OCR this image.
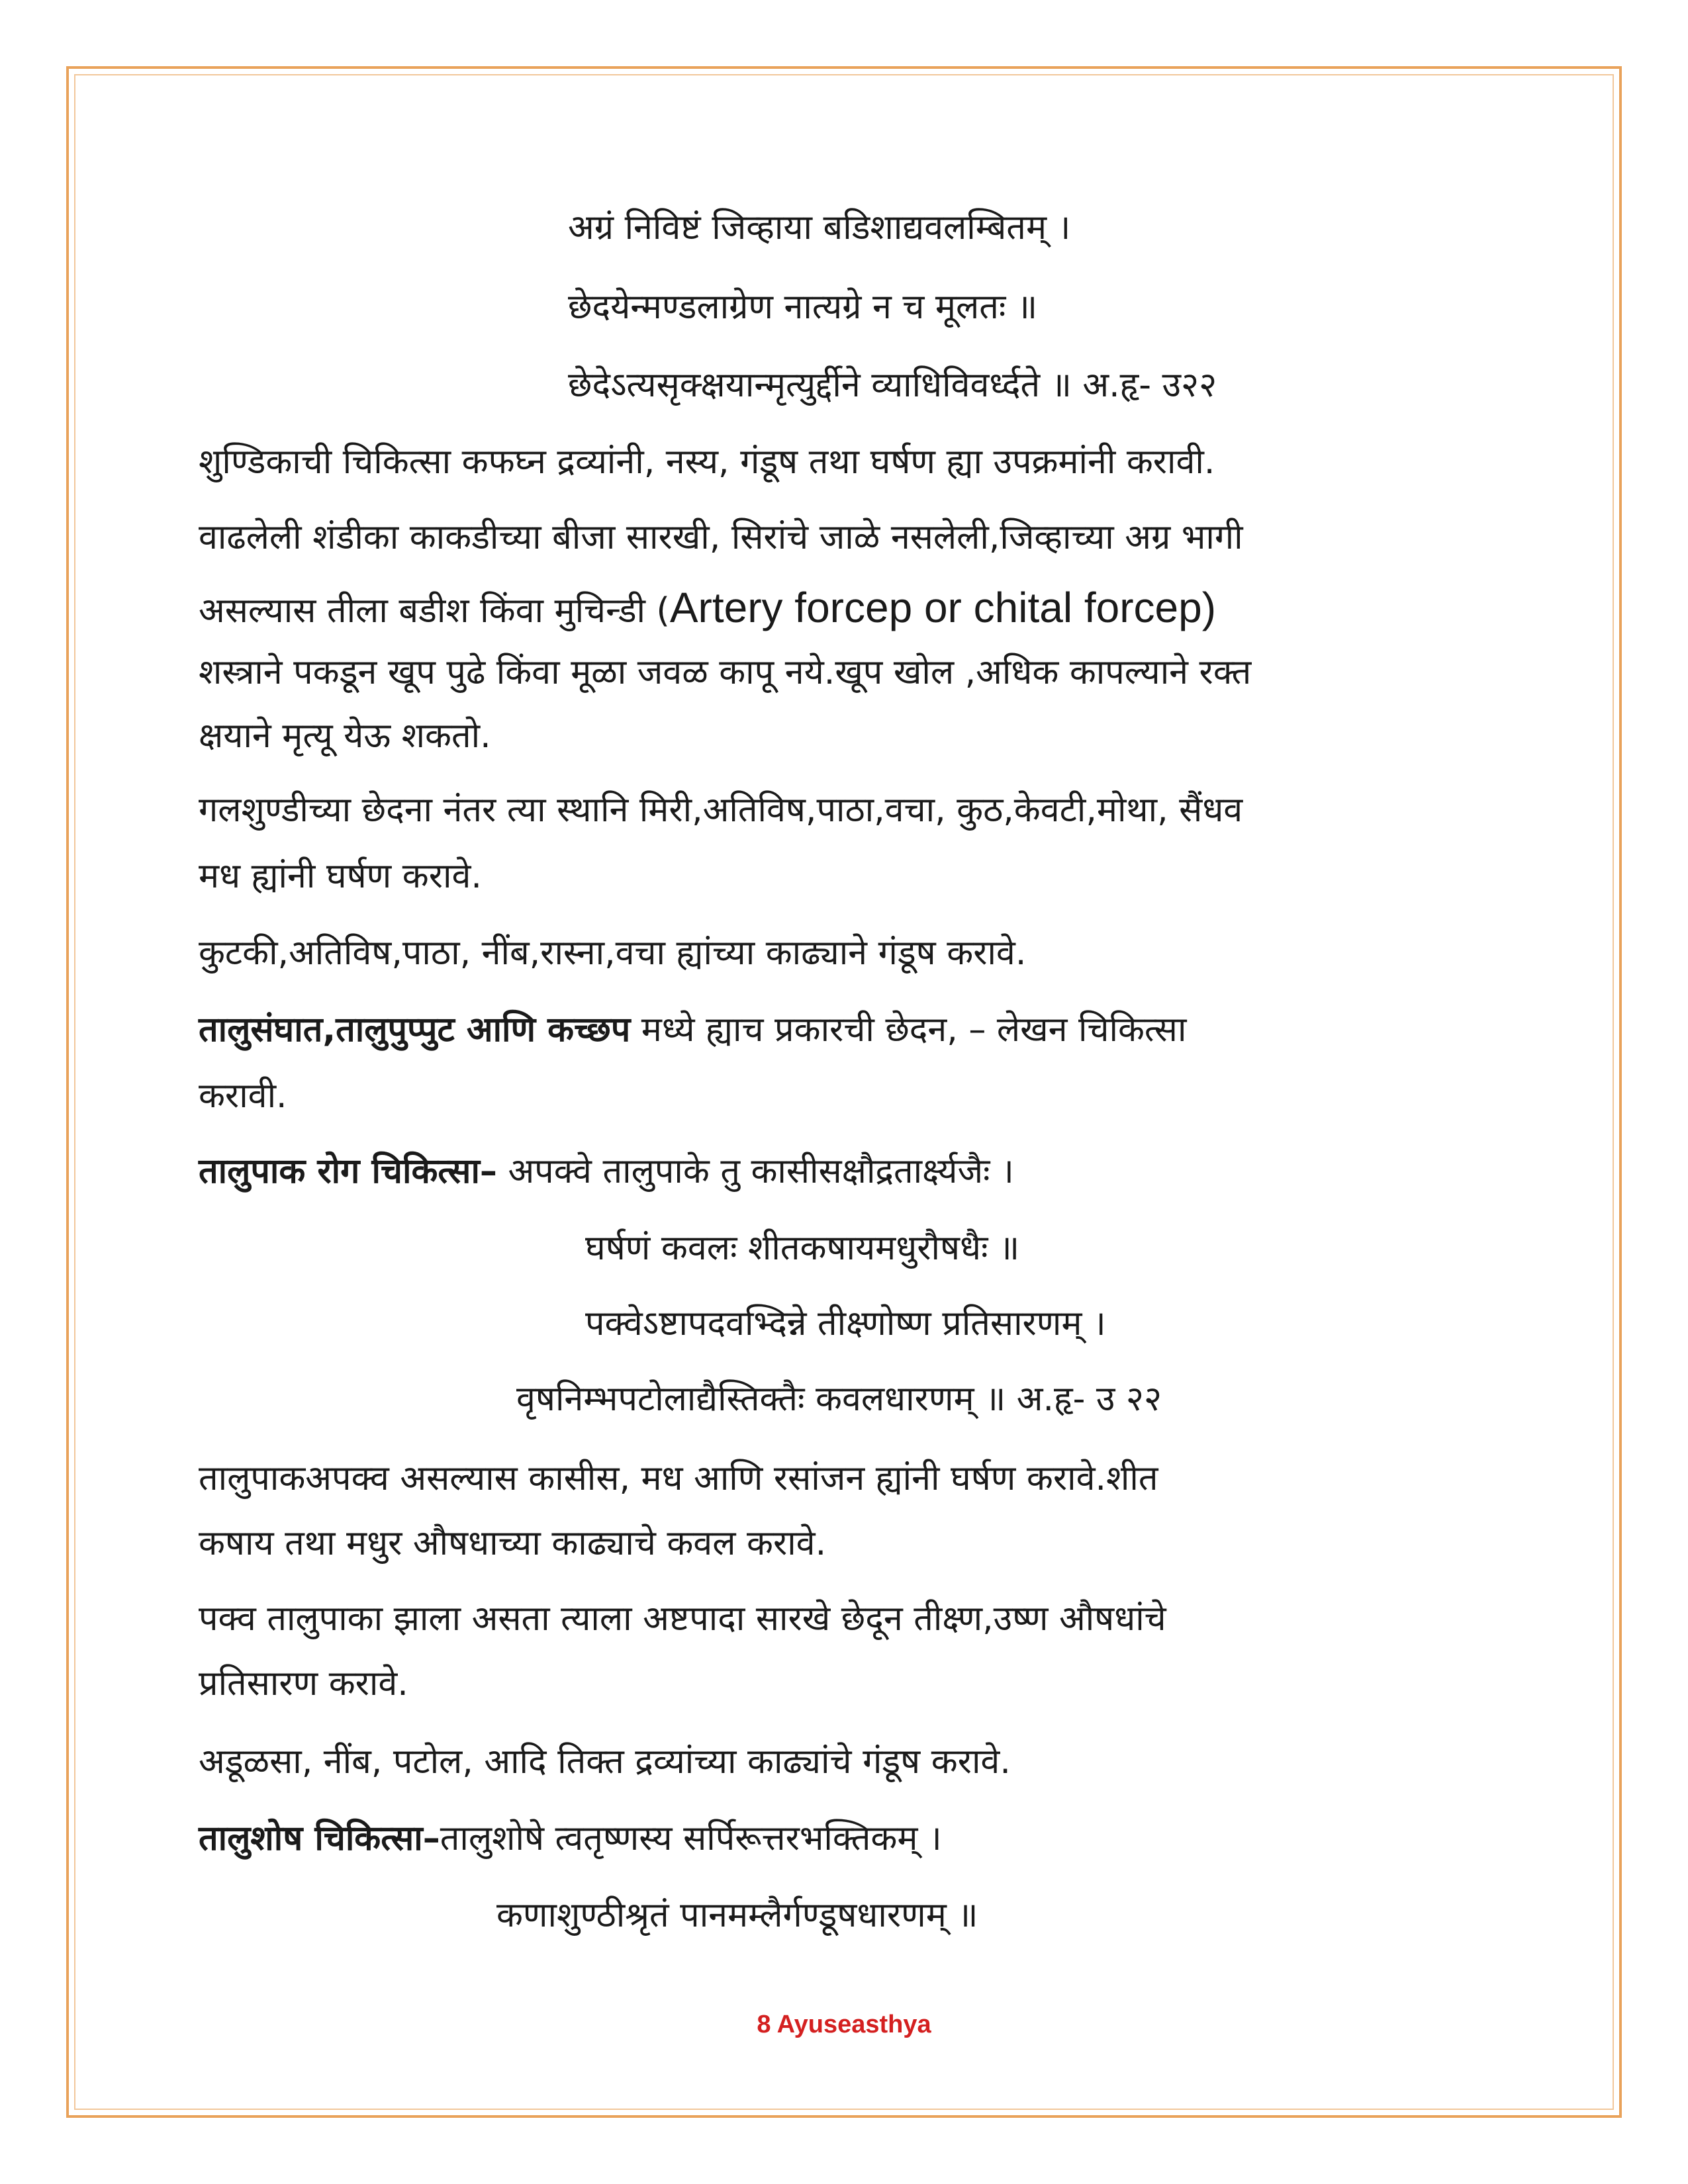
अग्रं निविष्टं जिव्हाया बडिशाद्यवलम्बितम् ।
छेदयेन्मण्डलाग्रेण नात्यग्रे न च मूलतः ॥
छेदेऽत्यसृक्क्षयान्मृत्युर्द्दीने व्याधिविवर्ध्दते ॥ अ.हृ- उ२२
शुण्डिकाची चिकित्सा कफघ्न द्रव्यांनी, नस्य, गंडूष तथा घर्षण ह्या उपक्रमांनी करावी.
वाढलेली शंडीका काकडीच्या बीजा सारखी, सिरांचे जाळे नसलेली,जिव्हाच्या अग्र भागी
असल्यास तीला बडीश किंवा मुचिन्डी (Artery forcep or chital forcep)
शस्त्राने पकडून खूप पुढे किंवा मूळा जवळ कापू नये.खूप खोल ,अधिक कापल्याने रक्त
क्षयाने मृत्यू येऊ शकतो.
गलशुण्डीच्या छेदना नंतर त्या स्थानि मिरी,अतिविष,पाठा,वचा, कुठ,केवटी,मोथा, सैंधव
मध ह्यांनी घर्षण करावे.
कुटकी,अतिविष,पाठा, नींब,रास्ना,वचा ह्यांच्या काढ्याने गंडूष करावे.
तालुसंघात,तालुपुप्पुट आणि कच्छप मध्ये ह्याच प्रकारची छेदन, – लेखन चिकित्सा
करावी.
तालुपाक रोग चिकित्सा– अपक्वे तालुपाके तु कासीसक्षौद्रताक्ष्‍‍‍र्यजैः ।
घर्षणं कवलः शीतकषायमधुरौषधैः ॥
पक्वेऽष्टापदवभ्दिन्ने तीक्ष्णोष्ण प्रतिसारणम् ।
वृषनिम्भपटोलाद्यैस्तिक्तैः कवलधारणम् ॥ अ.हृ- उ २२
तालुपाकअपक्व असल्यास कासीस, मध आणि रसांजन ह्यांनी घर्षण करावे.शीत
कषाय तथा मधुर औषधाच्या काढ्याचे कवल करावे.
पक्व तालुपाका झाला असता त्याला अष्टपादा सारखे छेदून तीक्ष्ण,उष्ण औषधांचे
प्रतिसारण करावे.
अडूळसा, नींब, पटोल, आदि तिक्त द्रव्यांच्या काढ्यांचे गंडूष करावे.
तालुशोष चिकित्सा–तालुशोषे त्वतृष्णस्य सर्पिरूत्तरभक्तिकम् ।
कणाशुण्ठीश्रृतं पानमम्लैर्गण्डूषधारणम् ॥
8 Ayuseasthya
